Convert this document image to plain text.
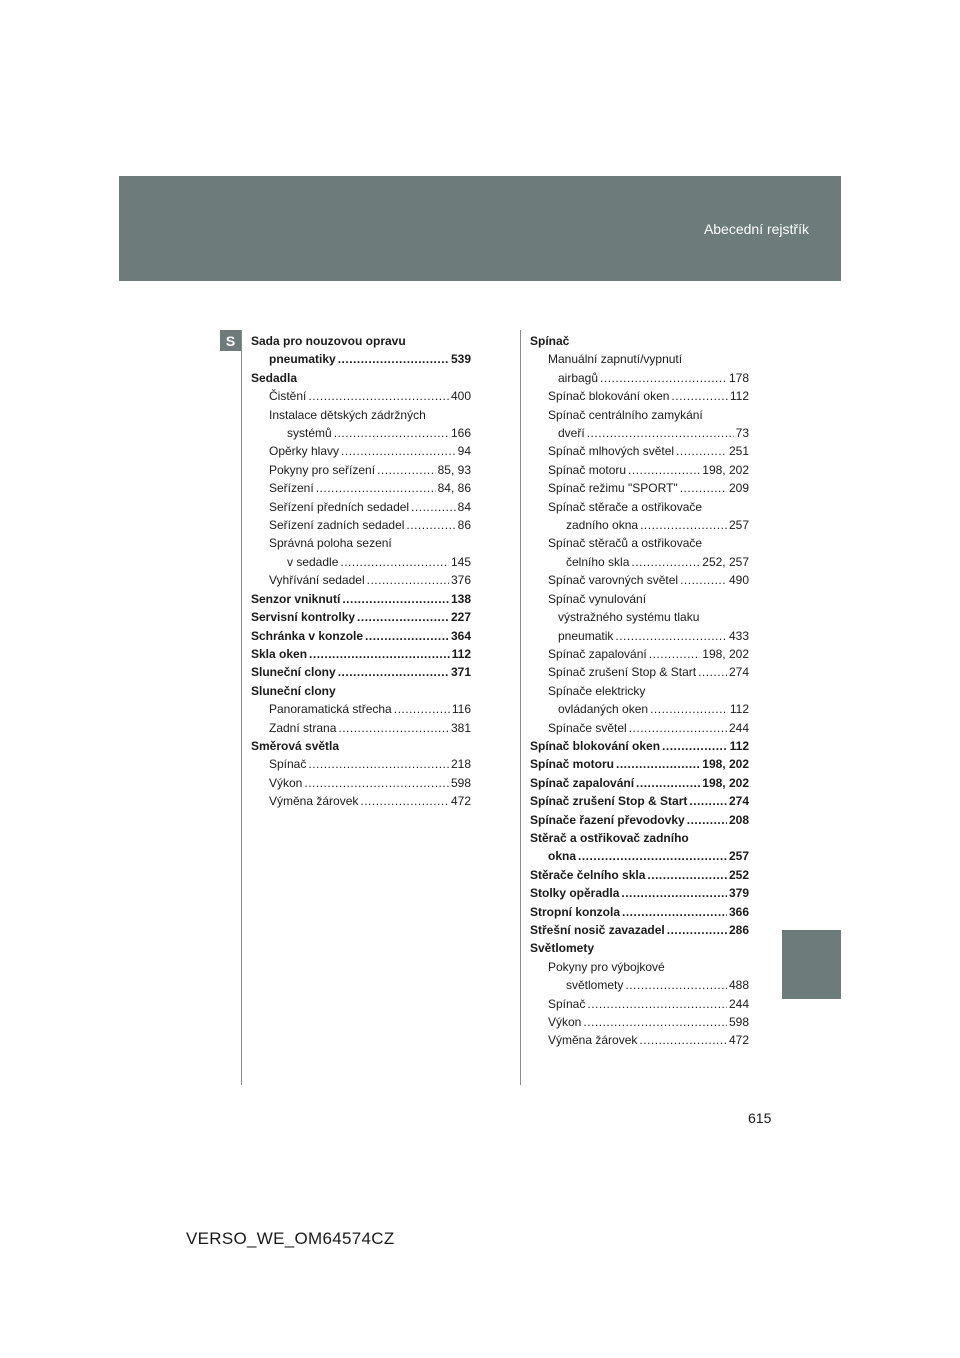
Abecední rejstřík
S	Sada pro nouzovou opravu
pneumatiky .....	539
Sedadla
Čistění .....	400
Instalace dětských zádržných
systémů .....	166
Opěrky hlavy .....	94
Pokyny pro seřízení .....	85, 93
Seřízení .....	84, 86
Seřízení předních sedadel .....	84
Seřízení zadních sedadel .....	86
Správná poloha sezení
v sedadle .....	145
Vyhřívání sedadel .....	376
Senzor vniknutí .....	138
Servisní kontrolky .....	227
Schránka v konzole .....	364
Skla oken .....	112
Sluneční clony .....	371
Sluneční clony
Panoramatická střecha .....	116
Zadní strana .....	381
Směrová světla
Spínač .....	218
Výkon .....	598
Výměna žárovek .....	472
Spínač
Manuální zapnutí/vypnutí
airbagů .....	178
Spínač blokování oken .....	112
Spínač centrálního zamykání
dveří .....	73
Spínač mlhových světel .....	251
Spínač motoru .....	198, 202
Spínač režimu "SPORT" .....	209
Spínač stěrače a ostřikovače
zadního okna .....	257
Spínač stěračů a ostřikovače
čelního skla .....	252, 257
Spínač varovných světel .....	490
Spínač vynulování
výstražného systému tlaku
pneumatik .....	433
Spínač zapalování .....	198, 202
Spínač zrušení Stop & Start .....	274
Spínače elektricky
ovládaných oken .....	112
Spínače světel .....	244
Spínač blokování oken .....	112
Spínač motoru .....	198, 202
Spínač zapalování .....	198, 202
Spínač zrušení Stop & Start .....	274
Spínače řazení převodovky .....	208
Stěrač a ostřikovač zadního
okna .....	257
Stěrače čelního skla .....	252
Stolky opěradla .....	379
Stropní konzola .....	366
Střešní nosič zavazadel .....	286
Světlomety
Pokyny pro výbojkové
světlomety .....	488
Spínač .....	244
Výkon .....	598
Výměna žárovek .....	472
615
VERSO_WE_OM64574CZ
